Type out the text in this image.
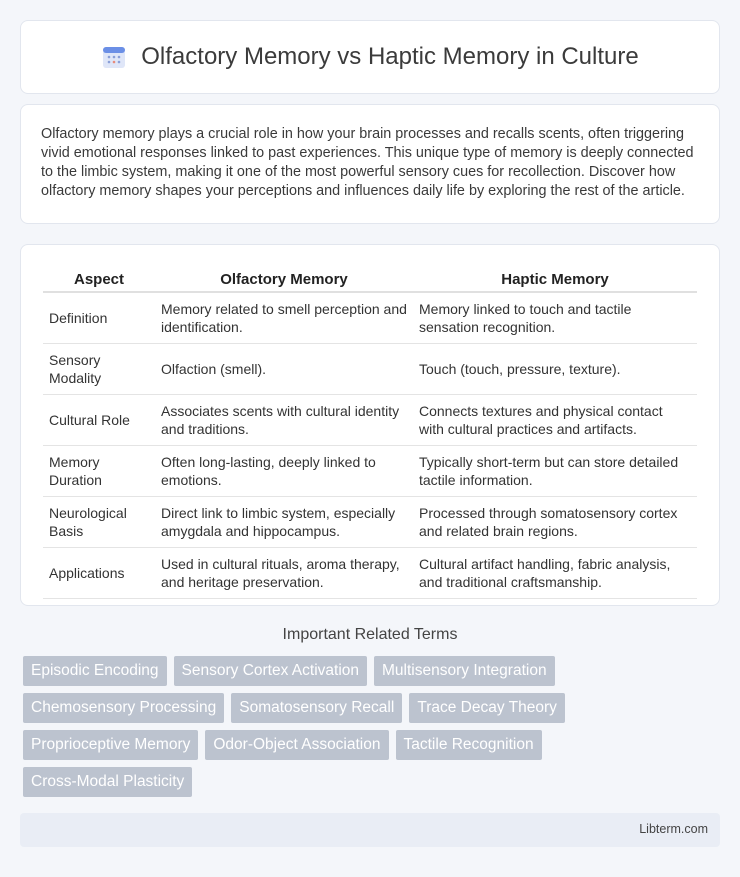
Olfactory Memory vs Haptic Memory in Culture

Olfactory memory plays a crucial role in how your brain processes and recalls scents, often triggering vivid emotional responses linked to past experiences. This unique type of memory is deeply connected to the limbic system, making it one of the most powerful sensory cues for recollection. Discover how olfactory memory shapes your perceptions and influences daily life by exploring the rest of the article.

Aspect	Olfactory Memory	Haptic Memory
Definition	Memory related to smell perception and identification.	Memory linked to touch and tactile sensation recognition.
Sensory Modality	Olfaction (smell).	Touch (touch, pressure, texture).
Cultural Role	Associates scents with cultural identity and traditions.	Connects textures and physical contact with cultural practices and artifacts.
Memory Duration	Often long-lasting, deeply linked to emotions.	Typically short-term but can store detailed tactile information.
Neurological Basis	Direct link to limbic system, especially amygdala and hippocampus.	Processed through somatosensory cortex and related brain regions.
Applications	Used in cultural rituals, aroma therapy, and heritage preservation.	Cultural artifact handling, fabric analysis, and traditional craftsmanship.
Important Related Terms
Episodic Encoding	Sensory Cortex Activation	Multisensory Integration
Chemosensory Processing	Somatosensory Recall	Trace Decay Theory
Proprioceptive Memory	Odor-Object Association	Tactile Recognition
Cross-Modal Plasticity
Libterm.com
